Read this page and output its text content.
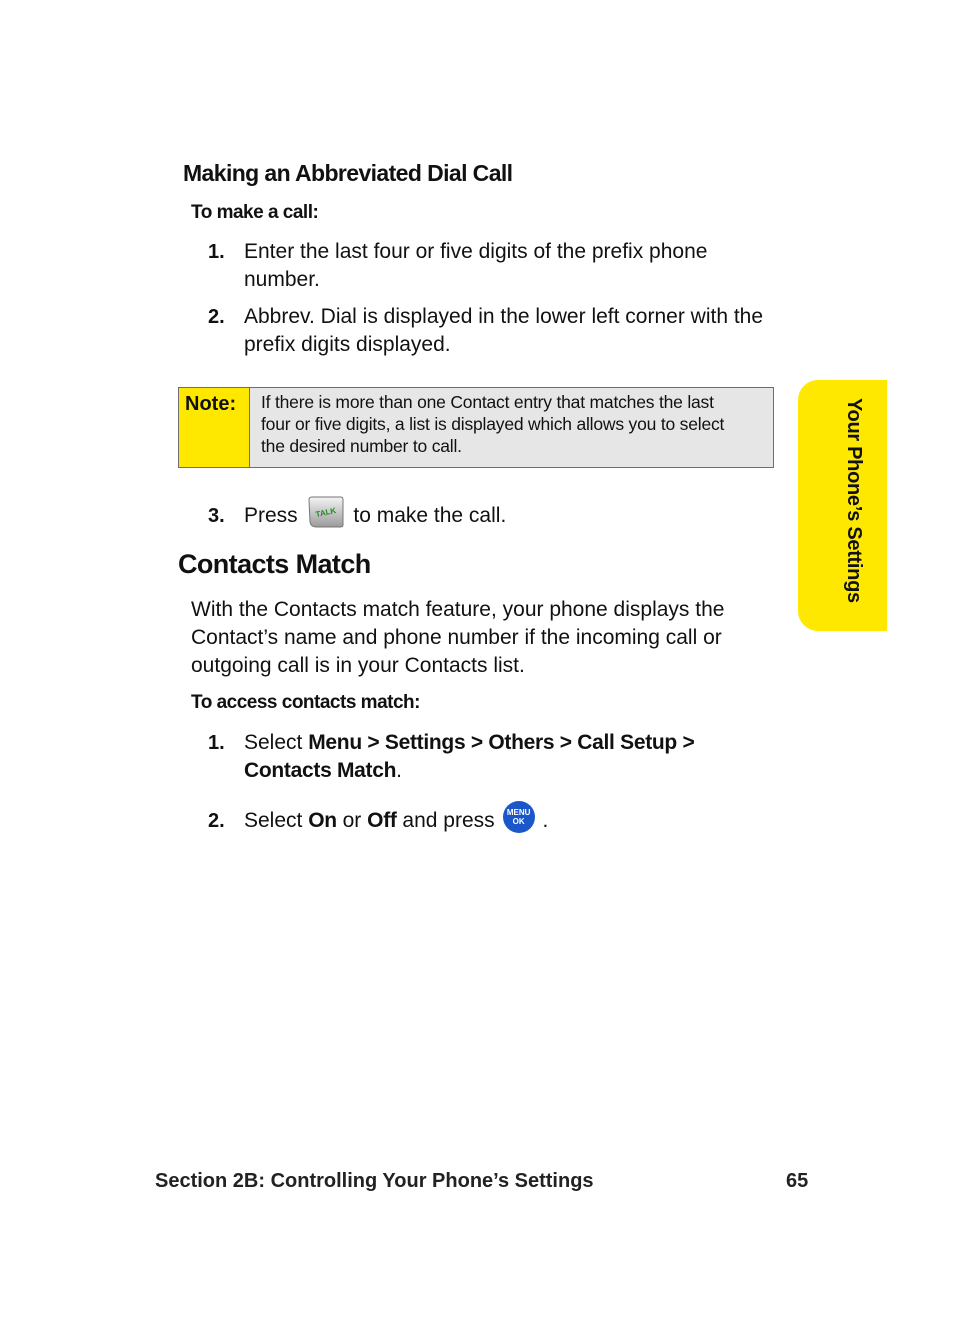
Making an Abbreviated Dial Call
To make a call:
1. Enter the last four or five digits of the prefix phone
number.
2. Abbrev. Dial is displayed in the lower left corner with the
prefix digits displayed.
Note:	If there is more than one Contact entry that matches the last
four or five digits, a list is displayed which allows you to select
the desired number to call.
3. Press TALK to make the call.
Contacts Match
With the Contacts match feature, your phone displays the
Contact’s name and phone number if the incoming call or
outgoing call is in your Contacts list.
To access contacts match:
1. Select Menu > Settings > Others > Call Setup >
Contacts Match.
2. Select On or Off and press MENU
OK .
Your Phone’s Settings
Section 2B: Controlling Your Phone’s Settings	65
